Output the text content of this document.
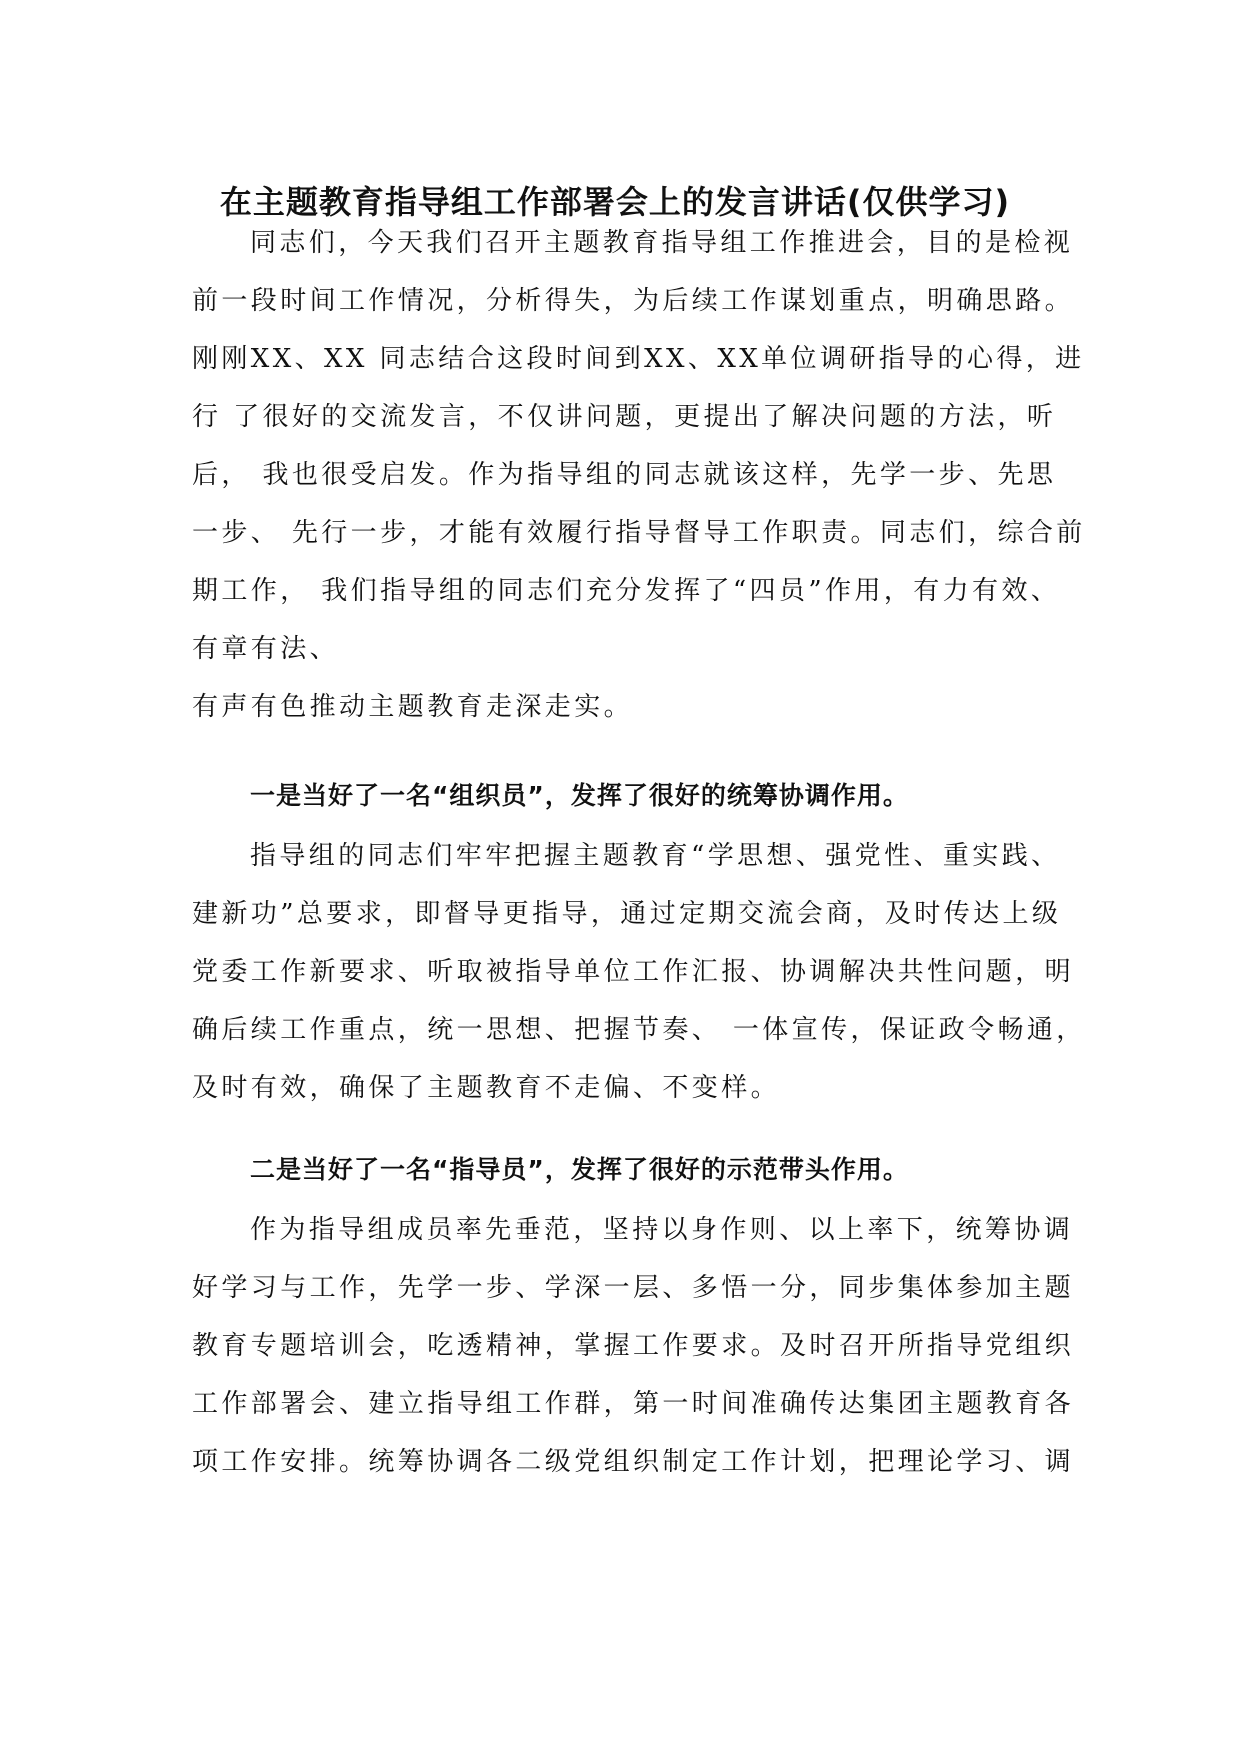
在主题教育指导组工作部署会上的发言讲话(仅供学习)
同志们，今天我们召开主题教育指导组工作推进会，目的是检视
前一段时间工作情况，分析得失，为后续工作谋划重点，明确思路。
刚刚XX、XX 同志结合这段时间到XX、XX单位调研指导的心得，进
行 了很好的交流发言，不仅讲问题，更提出了解决问题的方法，听
后， 我也很受启发。作为指导组的同志就该这样，先学一步、先思
一步、 先行一步，才能有效履行指导督导工作职责。同志们，综合前
期工作， 我们指导组的同志们充分发挥了“四员”作用，有力有效、
有章有法、
有声有色推动主题教育走深走实。
一是当好了一名“组织员”，发挥了很好的统筹协调作用。
指导组的同志们牢牢把握主题教育“学思想、强党性、重实践、
建新功”总要求，即督导更指导，通过定期交流会商，及时传达上级
党委工作新要求、听取被指导单位工作汇报、协调解决共性问题，明
确后续工作重点，统一思想、把握节奏、 一体宣传，保证政令畅通，
及时有效，确保了主题教育不走偏、不变样。
二是当好了一名“指导员”，发挥了很好的示范带头作用。
作为指导组成员率先垂范，坚持以身作则、以上率下，统筹协调
好学习与工作，先学一步、学深一层、多悟一分，同步集体参加主题
教育专题培训会，吃透精神，掌握工作要求。及时召开所指导党组织
工作部署会、建立指导组工作群，第一时间准确传达集团主题教育各
项工作安排。统筹协调各二级党组织制定工作计划，把理论学习、调
